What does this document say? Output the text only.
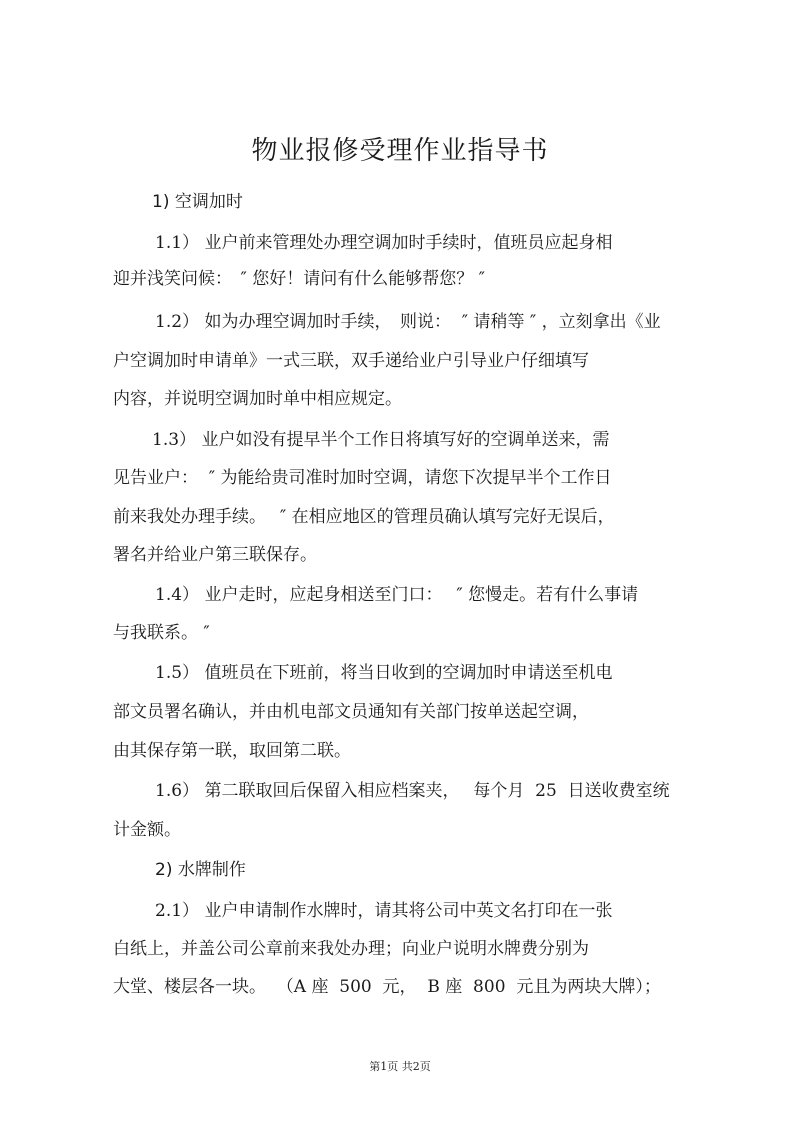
物业报修受理作业指导书
1) 空调加时
1.1） 业户前来管理处办理空调加时手续时，值班员应起身相
迎并浅笑问候：　″ 您好！请问有什么能够帮您？ ″
1.2） 如为办理空调加时手续，　则说：  ″ 请稍等 ″ ，立刻拿出《业
户空调加时申请单》一式三联，双手递给业户引导业户仔细填写
内容，并说明空调加时单中相应规定。
1.3） 业户如没有提早半个工作日将填写好的空调单送来，需
见告业户：  ″ 为能给贵司准时加时空调，请您下次提早半个工作日
前来我处办理手续。　 ″ 在相应地区的管理员确认填写完好无误后，
署名并给业户第三联保存。
1.4） 业户走时，应起身相送至门口：　 ″ 您慢走。若有什么事请
与我联系。 ″
1.5） 值班员在下班前，将当日收到的空调加时申请送至机电
部文员署名确认，并由机电部文员通知有关部门按单送起空调，
由其保存第一联，取回第二联。
1.6） 第二联取回后保留入相应档案夹，　 每个月  25  日送收费室统
计金额。
2) 水牌制作
2.1） 业户申请制作水牌时，请其将公司中英文名打印在一张
白纸上，并盖公司公章前来我处办理；向业户说明水牌费分别为
大堂、楼层各一块。  （A 座  500  元，  B 座  800  元且为两块大牌）；
第1页 共2页
